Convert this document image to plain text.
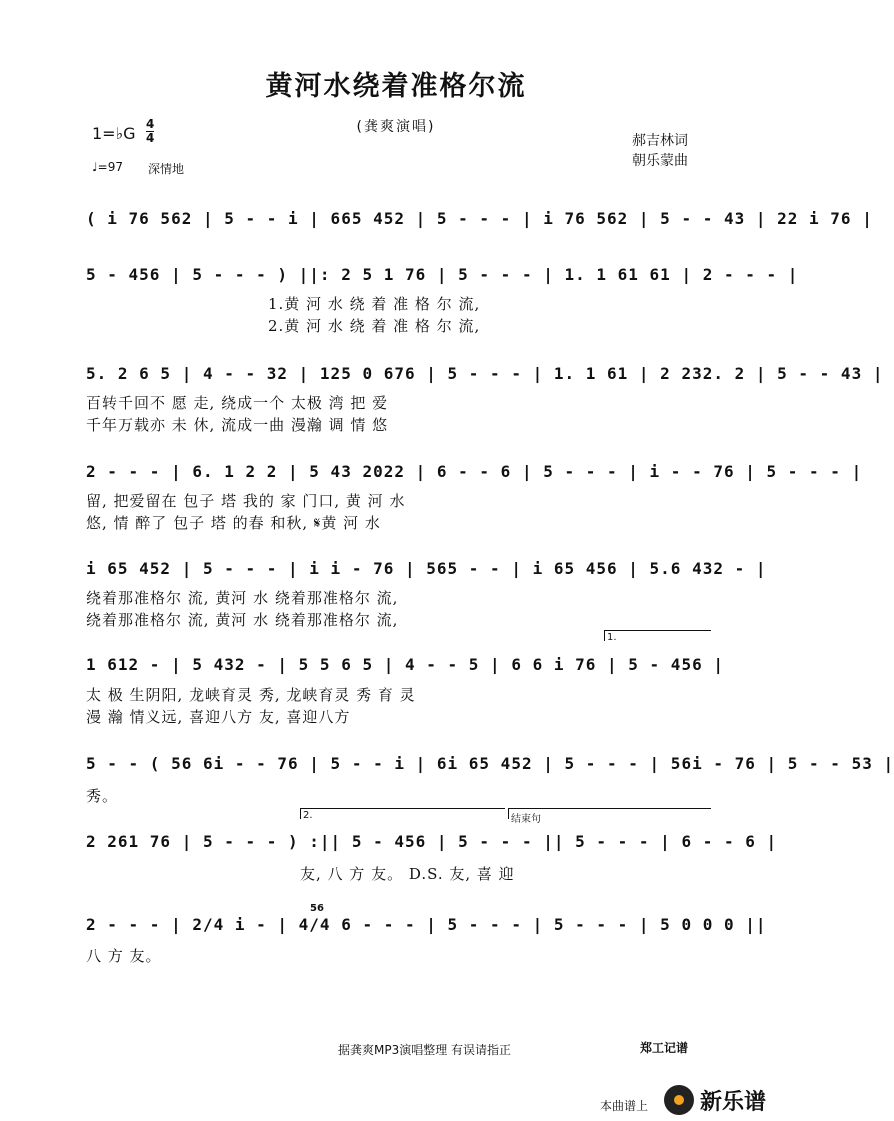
黄河水绕着准格尔流
(龚爽演唱)
1=♭G 4
4
♩=97 深情地
郝吉林词
朝乐蒙曲
( i 76 562 | 5 - - i | 665 452 | 5 - - - | i 76 562 | 5 - - 43 | 22 i 76 |
5 - 456 | 5 - - - ) ||: 2 5 1 76 | 5 - - - | 1. 1 61 61 | 2 - - - |
1.黄 河 水 绕 着 准 格 尔 流,
2.黄 河 水 绕 着 准 格 尔 流,
5. 2 6 5 | 4 - - 32 | 125 0 676 | 5 - - - | 1. 1 61 | 2 232. 2 | 5 - - 43 |
百转千回不 愿 走, 绕成一个 太极 湾 把 爱
千年万载亦 未 休, 流成一曲 漫瀚 调 情 悠
2 - - - | 6. 1 2 2 | 5 43 2022 | 6 - - 6 | 5 - - - | i - - 76 | 5 - - - |
留, 把爱留在 包子 塔 我的 家 门口, 黄 河 水
悠, 情 醉了 包子 塔 的春 和秋, 𝄋黄 河 水
i 65 452 | 5 - - - | i i - 76 | 565 - - | i 65 456 | 5.6 432 - |
绕着那准格尔 流, 黄河 水 绕着那准格尔 流,
绕着那准格尔 流, 黄河 水 绕着那准格尔 流,
1.
1 612 - | 5 432 - | 5 5 6 5 | 4 - - 5 | 6 6 i 76 | 5 - 456 |
太 极 生阴阳, 龙峡育灵 秀, 龙峡育灵 秀 育 灵
漫 瀚 情义远, 喜迎八方 友, 喜迎八方
5 - - ( 56 6i - - 76 | 5 - - i | 6i 65 452 | 5 - - - | 56i - 76 | 5 - - 53 |
秀。
2.	结束句
2 261 76 | 5 - - - ) :|| 5 - 456 | 5 - - - || 5 - - - | 6 - - 6 |
友, 八 方 友。 D.S. 友, 喜 迎
56
2 - - - | 2/4 i - | 4/4 6 - - - | 5 - - - | 5 - - - | 5 0 0 0 ||
八 方 友。
据龚爽MP3演唱整理 有误请指正	郑工记谱
本曲谱上 新乐谱
